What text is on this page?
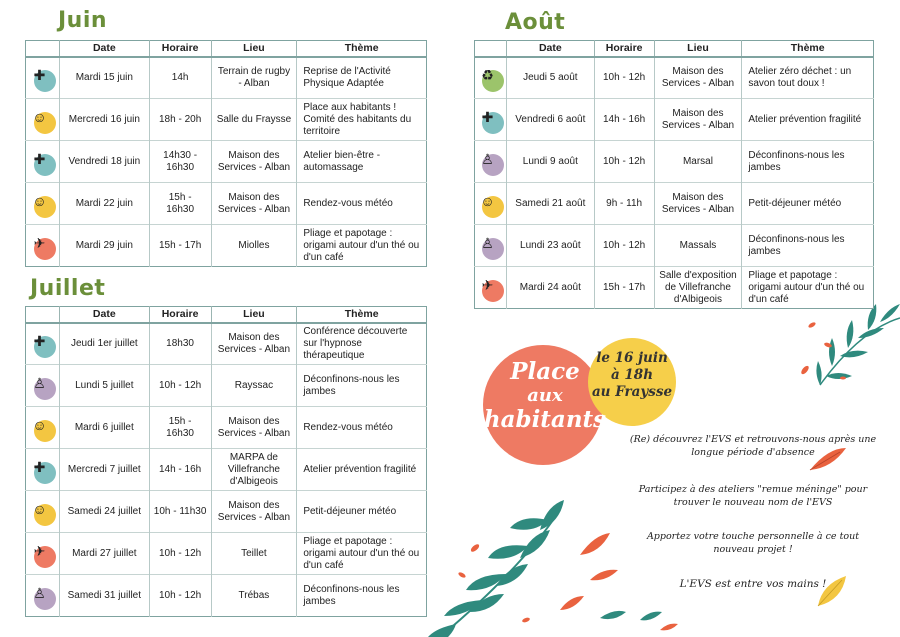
Juin
	Date	Horaire	Lieu	Thème

✚	Mardi 15 juin	14h	Terrain de rugby - Alban	Reprise de l'Activité Physique Adaptée

☺	Mercredi 16 juin	18h - 20h	Salle du Fraysse	Place aux habitants ! Comité des habitants du territoire

✚	Vendredi 18 juin	14h30 - 16h30	Maison des Services - Alban	Atelier bien-être - automassage

☺	Mardi 22 juin	15h - 16h30	Maison des Services - Alban	Rendez-vous météo

✈	Mardi 29 juin	15h - 17h	Miolles	Pliage et papotage : origami autour d'un thé ou d'un café
Juillet
	Date	Horaire	Lieu	Thème

✚	Jeudi 1er juillet	18h30	Maison des Services - Alban	Conférence découverte sur l'hypnose thérapeutique

♙	Lundi 5 juillet	10h - 12h	Rayssac	Déconfinons-nous les jambes

☺	Mardi 6 juillet	15h - 16h30	Maison des Services - Alban	Rendez-vous météo

✚	Mercredi 7 juillet	14h - 16h	MARPA de Villefranche d'Albigeois	Atelier prévention fragilité

☺	Samedi 24 juillet	10h - 11h30	Maison des Services - Alban	Petit-déjeuner météo

✈	Mardi 27 juillet	10h - 12h	Teillet	Pliage et papotage : origami autour d'un thé ou d'un café

♙	Samedi 31 juillet	10h - 12h	Trébas	Déconfinons-nous les jambes
Août
	Date	Horaire	Lieu	Thème

♻	Jeudi 5 août	10h - 12h	Maison des Services - Alban	Atelier zéro déchet : un savon tout doux !

✚	Vendredi 6 août	14h - 16h	Maison des Services - Alban	Atelier prévention fragilité

♙	Lundi 9 août	10h - 12h	Marsal	Déconfinons-nous les jambes

☺	Samedi 21 août	9h - 11h	Maison des Services - Alban	Petit-déjeuner météo

♙	Lundi 23 août	10h - 12h	Massals	Déconfinons-nous les jambes

✈	Mardi 24 août	15h - 17h	Salle d'exposition de Villefranche d'Albigeois	Pliage et papotage : origami autour d'un thé ou d'un café
Place
aux
habitants
le 16 juin
à 18h
au Fraysse
(Re) découvrez l'EVS et retrouvons-nous après une longue période d'absence
Participez à des ateliers "remue méninge" pour trouver le nouveau nom de l'EVS
Apportez votre touche personnelle à ce tout nouveau projet !
L'EVS est entre vos mains !
